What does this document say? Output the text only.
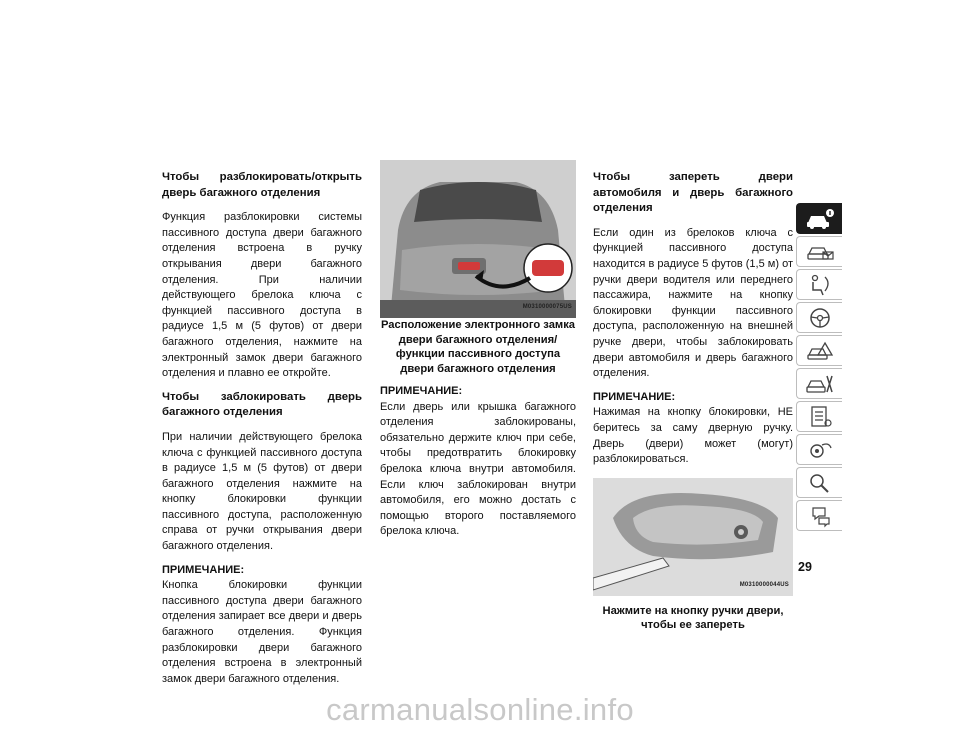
Чтобы разблокировать/открыть дверь багажного отделения

Функция разблокировки системы пассивного доступа двери багажного отделения встроена в ручку открывания двери багажного отделения. При наличии действующего брелока ключа с функцией пассивного доступа в радиусе 1,5 м (5 футов) от двери багажного отделения, нажмите на электронный замок двери багажного отделения и плавно ее откройте.

Чтобы заблокировать дверь багажного отделения

При наличии действующего брелока ключа с функцией пассивного доступа в радиусе 1,5 м (5 футов) от двери багажного отделения нажмите на кнопку блокировки функции пассивного доступа, расположенную справа от ручки открывания двери багажного отделения.

ПРИМЕЧАНИЕ:

Кнопка блокировки функции пассивного доступа двери багажного отделения запирает все двери и дверь багажного отделения. Функция разблокировки двери багажного отделения встроена в электронный замок двери багажного отделения.

M0310000075US

Расположение электронного замка двери багажного отделения/функции пассивного доступа двери багажного отделения

ПРИМЕЧАНИЕ:

Если дверь или крышка багажного отделения заблокированы, обязательно держите ключ при себе, чтобы предотвратить блокировку брелока ключа внутри автомобиля. Если ключ заблокирован внутри автомобиля, его можно достать с помощью второго поставляемого брелока ключа.

Чтобы запереть двери автомобиля и дверь багажного отделения

Если один из брелоков ключа с функцией пассивного доступа находится в радиусе 5 футов (1,5 м) от ручки двери водителя или переднего пассажира, нажмите на кнопку блокировки функции пассивного доступа, расположенную на внешней ручке двери, чтобы заблокировать двери автомобиля и дверь багажного отделения.

ПРИМЕЧАНИЕ:

Нажимая на кнопку блокировки, НЕ беритесь за саму дверную ручку. Дверь (двери) может (могут) разблокироваться.

M0310000044US

Нажмите на кнопку ручки двери, чтобы ее запереть

29
carmanualsonline.info
